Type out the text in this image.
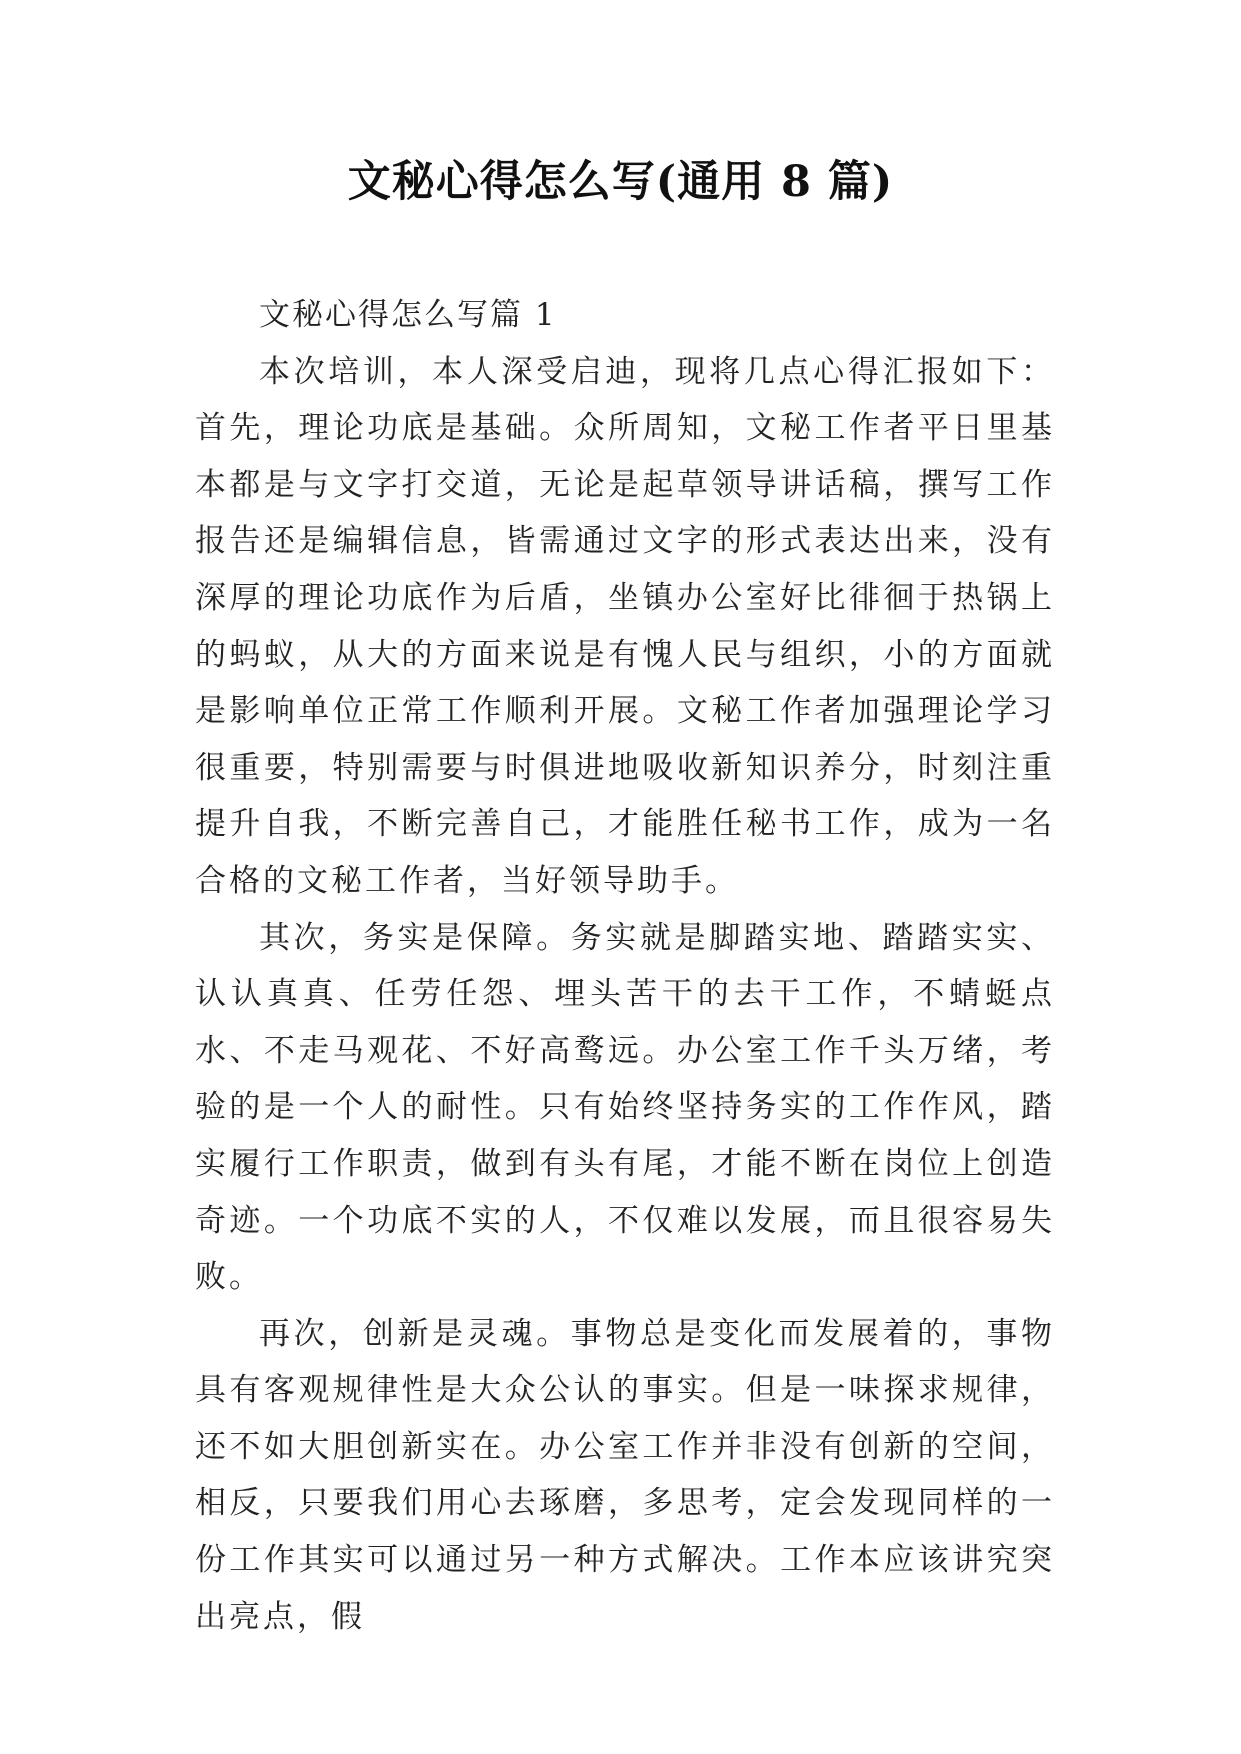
文秘心得怎么写(通用 8 篇)

文秘心得怎么写篇 1

本次培训，本人深受启迪，现将几点心得汇报如下：首先，理论功底是基础。众所周知，文秘工作者平日里基本都是与文字打交道，无论是起草领导讲话稿，撰写工作报告还是编辑信息，皆需通过文字的形式表达出来，没有深厚的理论功底作为后盾，坐镇办公室好比徘徊于热锅上的蚂蚁，从大的方面来说是有愧人民与组织，小的方面就是影响单位正常工作顺利开展。文秘工作者加强理论学习很重要，特别需要与时俱进地吸收新知识养分，时刻注重提升自我，不断完善自己，才能胜任秘书工作，成为一名合格的文秘工作者，当好领导助手。

其次，务实是保障。务实就是脚踏实地、踏踏实实、认认真真、任劳任怨、埋头苦干的去干工作，不蜻蜓点水、不走马观花、不好高鹜远。办公室工作千头万绪，考验的是一个人的耐性。只有始终坚持务实的工作作风，踏实履行工作职责，做到有头有尾，才能不断在岗位上创造奇迹。一个功底不实的人，不仅难以发展，而且很容易失败。

再次，创新是灵魂。事物总是变化而发展着的，事物具有客观规律性是大众公认的事实。但是一味探求规律，还不如大胆创新实在。办公室工作并非没有创新的空间，相反，只要我们用心去琢磨，多思考，定会发现同样的一份工作其实可以通过另一种方式解决。工作本应该讲究突出亮点，假
